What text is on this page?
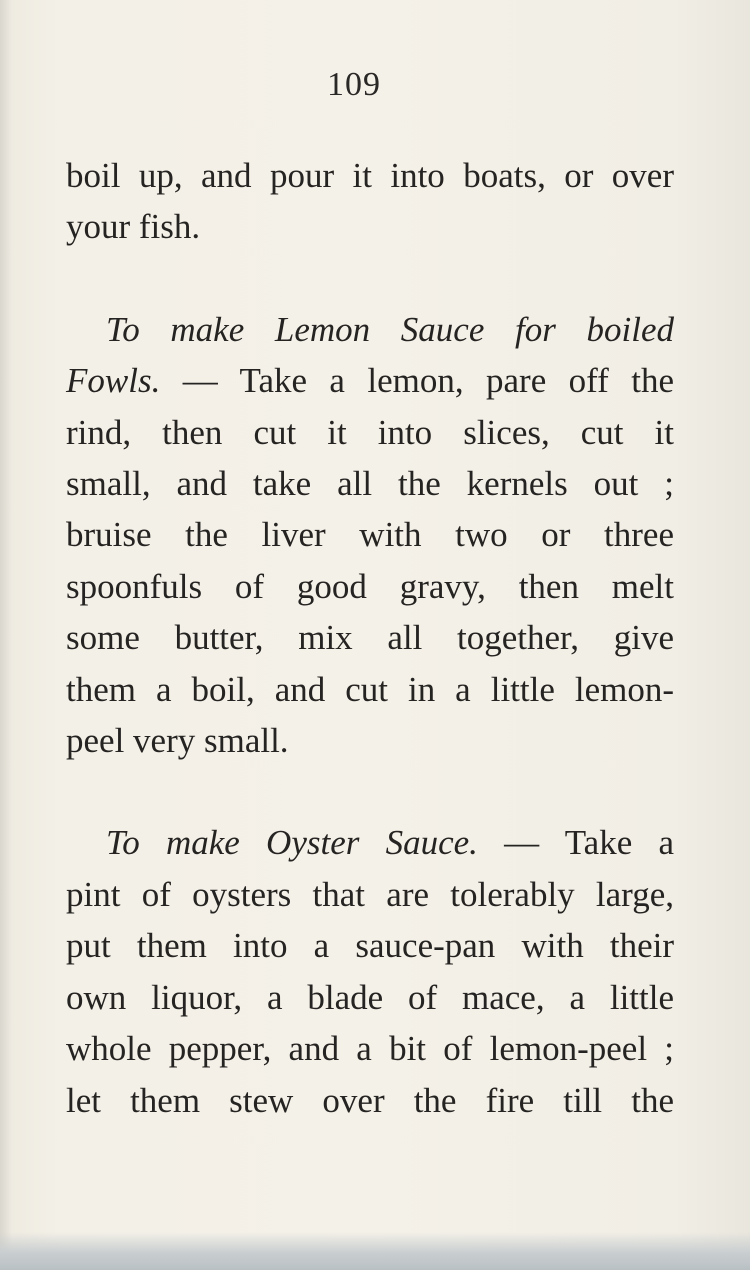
109
boil up, and pour it into boats, or over
your fish.
To make Lemon Sauce for boiled
Fowls. — Take a lemon, pare off the
rind, then cut it into slices, cut it
small, and take all the kernels out ;
bruise the liver with two or three
spoonfuls of good gravy, then melt
some butter, mix all together, give
them a boil, and cut in a little lemon-
peel very small.
To make Oyster Sauce. — Take a
pint of oysters that are tolerably large,
put them into a sauce-pan with their
own liquor, a blade of mace, a little
whole pepper, and a bit of lemon-peel ;
let them stew over the fire till the
